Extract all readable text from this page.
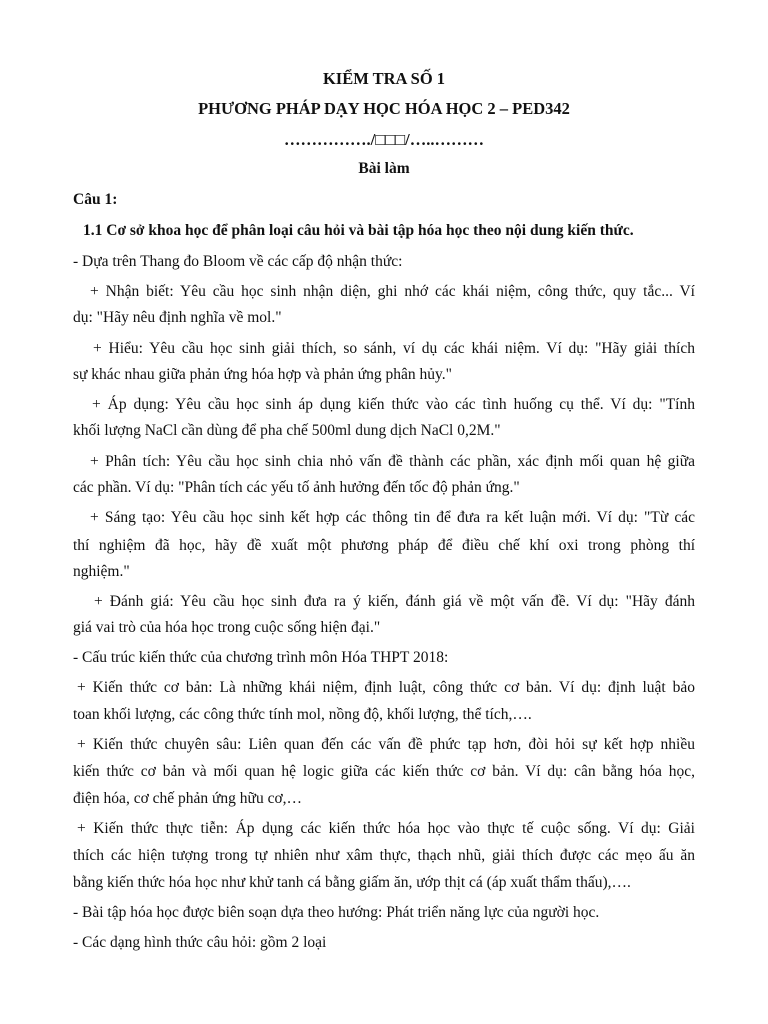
KIỂM TRA SỐ 1
PHƯƠNG PHÁP DẠY HỌC HÓA HỌC 2 – PED342
……………./□□□/…..………
Bài làm
Câu 1:
1.1 Cơ sở khoa học để phân loại câu hỏi và bài tập hóa học theo nội dung kiến thức.
- Dựa trên Thang đo Bloom về các cấp độ nhận thức:
+ Nhận biết: Yêu cầu học sinh nhận diện, ghi nhớ các khái niệm, công thức, quy tắc... Ví
dụ: "Hãy nêu định nghĩa về mol."
+ Hiểu: Yêu cầu học sinh giải thích, so sánh, ví dụ các khái niệm. Ví dụ: "Hãy giải thích
sự khác nhau giữa phản ứng hóa hợp và phản ứng phân hủy."
+ Áp dụng: Yêu cầu học sinh áp dụng kiến thức vào các tình huống cụ thể. Ví dụ: "Tính
khối lượng NaCl cần dùng để pha chế 500ml dung dịch NaCl 0,2M."
+ Phân tích: Yêu cầu học sinh chia nhỏ vấn đề thành các phần, xác định mối quan hệ giữa
các phần. Ví dụ: "Phân tích các yếu tố ảnh hưởng đến tốc độ phản ứng."
+ Sáng tạo: Yêu cầu học sinh kết hợp các thông tin để đưa ra kết luận mới. Ví dụ: "Từ các
thí nghiệm đã học, hãy đề xuất một phương pháp để điều chế khí oxi trong phòng thí
nghiệm."
+ Đánh giá: Yêu cầu học sinh đưa ra ý kiến, đánh giá về một vấn đề. Ví dụ: "Hãy đánh
giá vai trò của hóa học trong cuộc sống hiện đại."
- Cấu trúc kiến thức của chương trình môn Hóa THPT 2018:
+ Kiến thức cơ bản: Là những khái niệm, định luật, công thức cơ bản. Ví dụ: định luật bảo
toan khối lượng, các công thức tính mol, nồng độ, khối lượng, thể tích,….
+ Kiến thức chuyên sâu: Liên quan đến các vấn đề phức tạp hơn, đòi hỏi sự kết hợp nhiều
kiến thức cơ bản và mối quan hệ logic giữa các kiến thức cơ bản. Ví dụ: cân bằng hóa học,
điện hóa, cơ chế phản ứng hữu cơ,…
+ Kiến thức thực tiễn: Áp dụng các kiến thức hóa học vào thực tế cuộc sống. Ví dụ: Giải
thích các hiện tượng trong tự nhiên như xâm thực, thạch nhũ, giải thích được các mẹo ấu ăn
bằng kiến thức hóa học như khử tanh cá bằng giấm ăn, ướp thịt cá (áp xuất thẩm thấu),….
- Bài tập hóa học được biên soạn dựa theo hướng: Phát triển năng lực của người học.
- Các dạng hình thức câu hỏi: gồm 2 loại
